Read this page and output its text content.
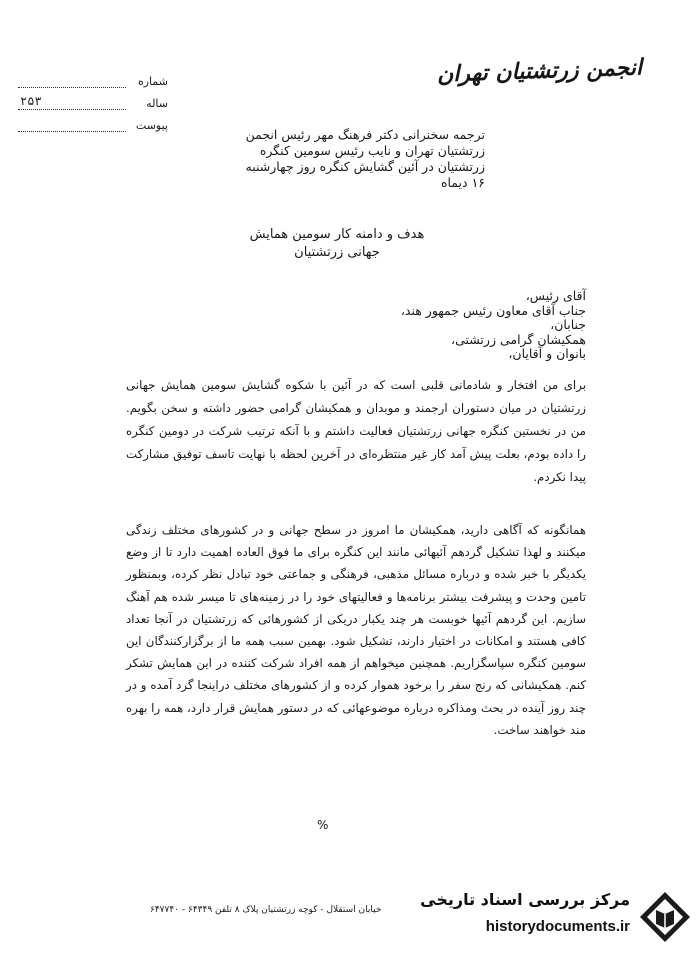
انجمن زرتشتیان تهران
شماره
ساله
۲۵۳
پیوست
ترجمه سخنرانی دکتر فرهنگ مهر رئیس انجمن
زرتشتیان تهران و نایب رئیس سومین کنگره
زرتشتیان در آئین گشایش کنگره روز چهارشنبه
۱۶ دیماه
هدف و دامنه کار سومین همایش
جهانی زرتشتیان
آقای رئیس،
جناب آقای معاون رئیس جمهور هند،
جنابان،
همکیشان گرامی زرتشتی،
بانوان و آقایان،
برای من افتخار و شادمانی قلبی است که در آئین با شکوه گشایش سومین همایش جهانی زرتشتیان در میان دستوران ارجمند و موبدان و همکیشان گرامی حضور داشته و سخن بگویم. من در نخستین کنگره جهانی زرتشتیان فعالیت داشتم و با آنکه ترتیب شرکت در دومین کنگره را داده بودم، بعلت پیش آمد کار غیر منتظره‌ای در آخرین لحظه با نهایت تاسف توفیق مشارکت پیدا نکردم.
همانگونه که آگاهی دارید، همکیشان ما امروز در سطح جهانی و در کشورهای مختلف زندگی میکنند و لهذا تشکیل گردهم آئیهائی مانند این کنگره برای ما فوق العاده اهمیت دارد تا از وضع یکدیگر با خبر شده و درباره مسائل مذهبی، فرهنگی و جماعتی خود تبادل نظر کرده، وبمنظور تامین وحدت و پیشرفت بیشتر برنامه‌ها و فعالیتهای خود را در زمینه‌های تا میسر شده هم آهنگ سازیم. این گردهم آئیها خوبست هر چند یکبار دریکی از کشورهائی که زرتشتیان در آنجا تعداد کافی هستند و امکانات در اختیار دارند، تشکیل شود. بهمین سبب همه ما از برگزارکنندگان این سومین کنگره سپاسگزاریم. همچنین میخواهم از همه افراد شرکت کننده در این همایش تشکر کنم. همکیشانی که رنج سفر را برخود هموار کرده و از کشورهای مختلف دراینجا گرد آمده و در چند روز آینده در بحث ومذاکره درباره موضوعهائی که در دستور همایش قرار دارد، همه را بهره مند خواهند ساخت.
%
خیابان استقلال - کوچه زرتشتیان پلاک ۸ تلفن ۶۴۳۴۹ - ۶۴۷۷۴۰
مرکز بررسی اسناد تاریخی
historydocuments.ir
